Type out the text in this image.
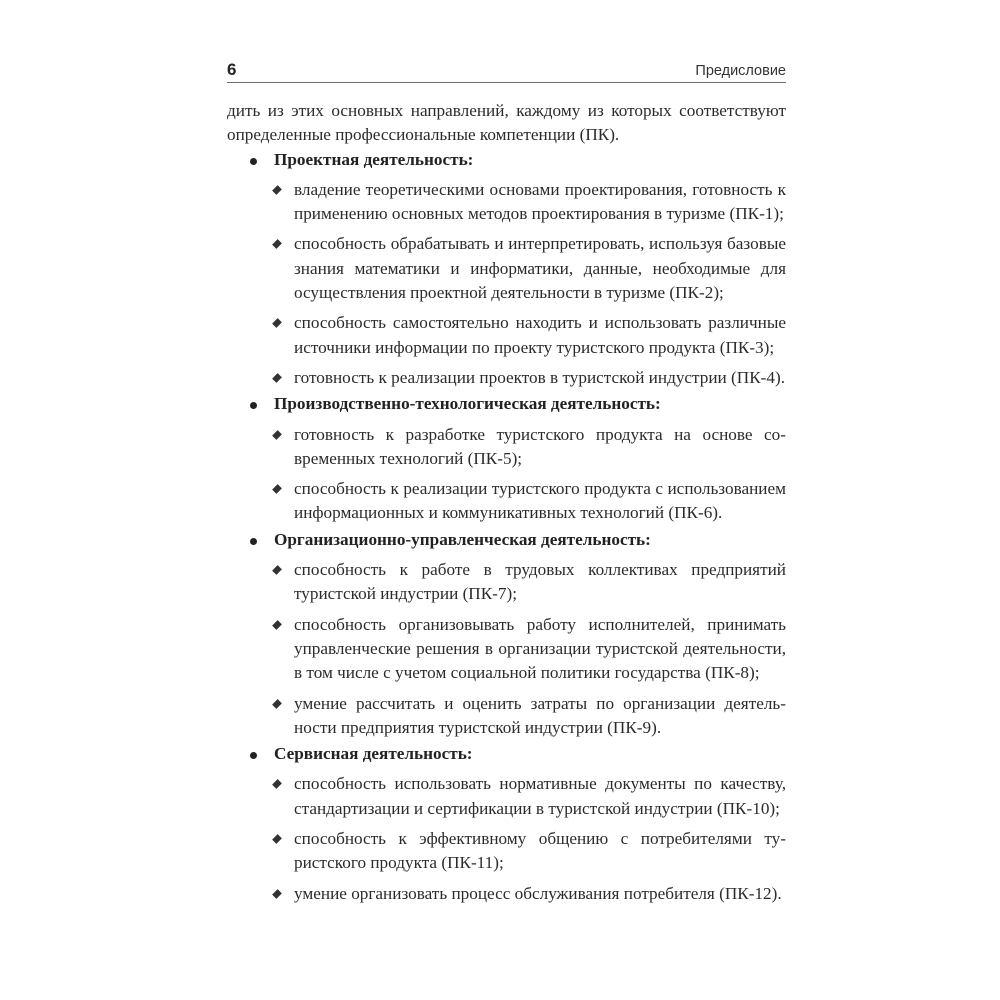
6	Предисловие

дить из этих основных направлений, каждому из которых соответствуют определенные профессиональные компетенции (ПК).

Проектная деятельность:
владение теоретическими основами проектирования, готовность к применению основных методов проектирования в туризме (ПК-1);
способность обрабатывать и интерпретировать, используя базовые знания математики и информатики, данные, необходимые для осуществления проектной деятельности в туризме (ПК-2);
способность самостоятельно находить и использовать различные источники информации по проекту туристского продукта (ПК-3);
готовность к реализации проектов в туристской индустрии (ПК-4).
Производственно-технологическая деятельность:
готовность к разработке туристского продукта на основе современных технологий (ПК-5);
способность к реализации туристского продукта с использованием информационных и коммуникативных технологий (ПК-6).
Организационно-управленческая деятельность:
способность к работе в трудовых коллективах предприятий туристской индустрии (ПК-7);
способность организовывать работу исполнителей, принимать управленческие решения в организации туристской деятельности, в том числе с учетом социальной политики государства (ПК-8);
умение рассчитать и оценить затраты по организации деятельности предприятия туристской индустрии (ПК-9).
Сервисная деятельность:
способность использовать нормативные документы по качеству, стандартизации и сертификации в туристской индустрии (ПК-10);
способность к эффективному общению с потребителями туристского продукта (ПК-11);
умение организовать процесс обслуживания потребителя (ПК-12).
